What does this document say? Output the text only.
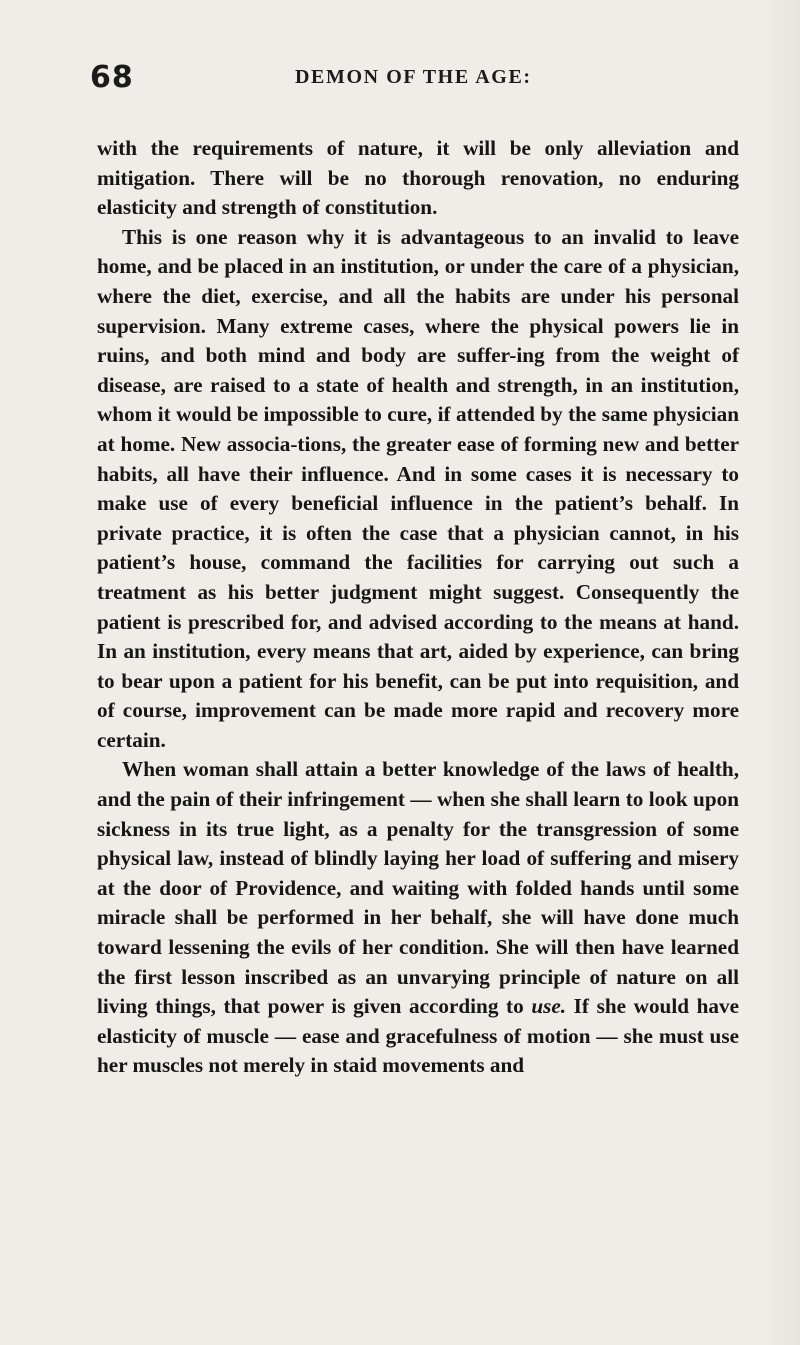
68	DEMON OF THE AGE:

with the requirements of nature, it will be only alleviation and mitigation. There will be no thorough renovation, no enduring elasticity and strength of constitution.

This is one reason why it is advantageous to an invalid to leave home, and be placed in an institution, or under the care of a physician, where the diet, exercise, and all the habits are under his personal supervision. Many extreme cases, where the physical powers lie in ruins, and both mind and body are suffer-ing from the weight of disease, are raised to a state of health and strength, in an institution, whom it would be impossible to cure, if attended by the same physician at home. New associa-tions, the greater ease of forming new and better habits, all have their influence. And in some cases it is necessary to make use of every beneficial influence in the patient’s behalf. In private practice, it is often the case that a physician cannot, in his patient’s house, command the facilities for carrying out such a treatment as his better judgment might suggest. Consequently the patient is prescribed for, and advised according to the means at hand. In an institution, every means that art, aided by experience, can bring to bear upon a patient for his benefit, can be put into requisition, and of course, improvement can be made more rapid and recovery more certain.

When woman shall attain a better knowledge of the laws of health, and the pain of their infringement — when she shall learn to look upon sickness in its true light, as a penalty for the transgression of some physical law, instead of blindly laying her load of suffering and misery at the door of Providence, and waiting with folded hands until some miracle shall be performed in her behalf, she will have done much toward lessening the evils of her condition. She will then have learned the first lesson inscribed as an unvarying principle of nature on all living things, that power is given according to use. If she would have elasticity of muscle — ease and gracefulness of motion — she must use her muscles not merely in staid movements and
